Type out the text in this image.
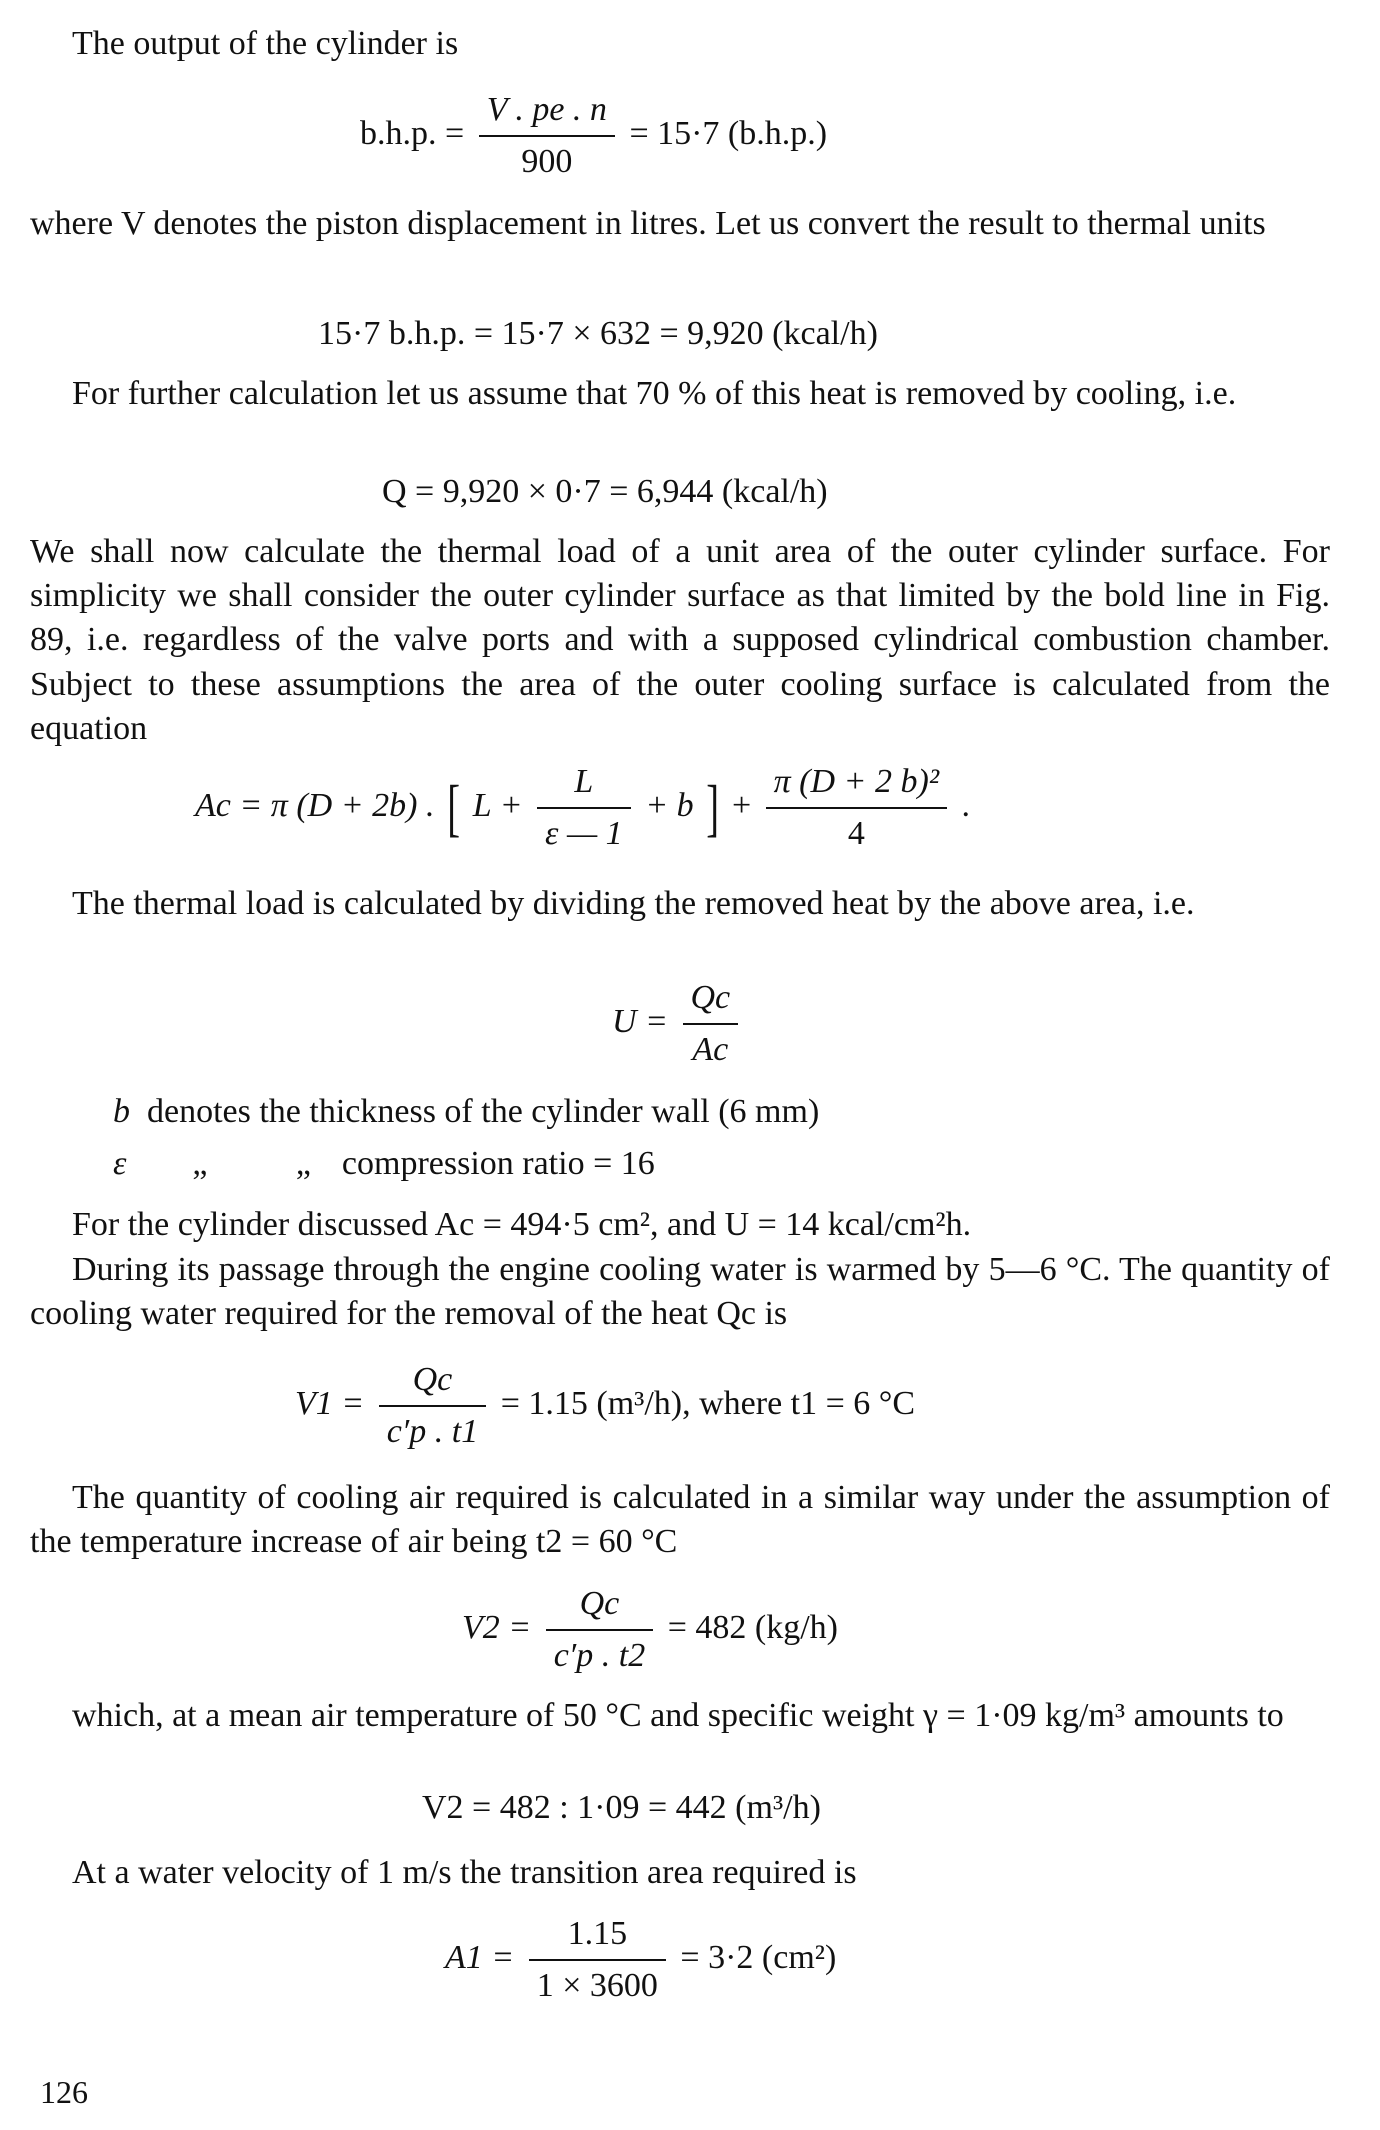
The output of the cylinder is
b.h.p. = $\frac{V . pe . n}{900} = 15\cdot 7$ (b.h.p.)
where V denotes the piston displacement in litres. Let us convert the result to thermal units
15·7 b.h.p. = 15·7 × 632 = 9,920 (kcal/h)
For further calculation let us assume that 70 % of this heat is removed by cooling, i.e.
Q = 9,920 × 0·7 = 6,944 (kcal/h)
We shall now calculate the thermal load of a unit area of the outer cylinder surface. For simplicity we shall consider the outer cylinder surface as that limited by the bold line in Fig. 89, i.e. regardless of the valve ports and with a supposed cylindrical combustion chamber. Subject to these assumptions the area of the outer cooling surface is calculated from the equation
Ac = π (D + 2b) . [ $L + \frac{L}{\varepsilon — 1} + b$ ] + $\frac{\text{π (D + 2 b)²}}{4}$ .
The thermal load is calculated by dividing the removed heat by the above area, i.e.
$U = \frac{Qc}{Ac}$
b denotes the thickness of the cylinder wall (6 mm)
ε „	„ compression ratio = 16
For the cylinder discussed Ac = 494·5 cm², and U = 14 kcal/cm²h.
During its passage through the engine cooling water is warmed by 5—6 °C. The quantity of cooling water required for the removal of the heat Qc is
$V1 = \frac{Qc}{c'p . t1} = 1.15$ (m³/h), where t1 = 6 °C
The quantity of cooling air required is calculated in a similar way under the assumption of the temperature increase of air being t2 = 60 °C
$V2 = \frac{Qc}{c'p . t2} = 482$ (kg/h)
which, at a mean air temperature of 50 °C and specific weight γ = 1·09 kg/m³ amounts to
V2 = 482 : 1·09 = 442 (m³/h)
At a water velocity of 1 m/s the transition area required is
$A1 = \frac{1.15}{1 \times 3600} = 3\cdot 2$ (cm²)
126
